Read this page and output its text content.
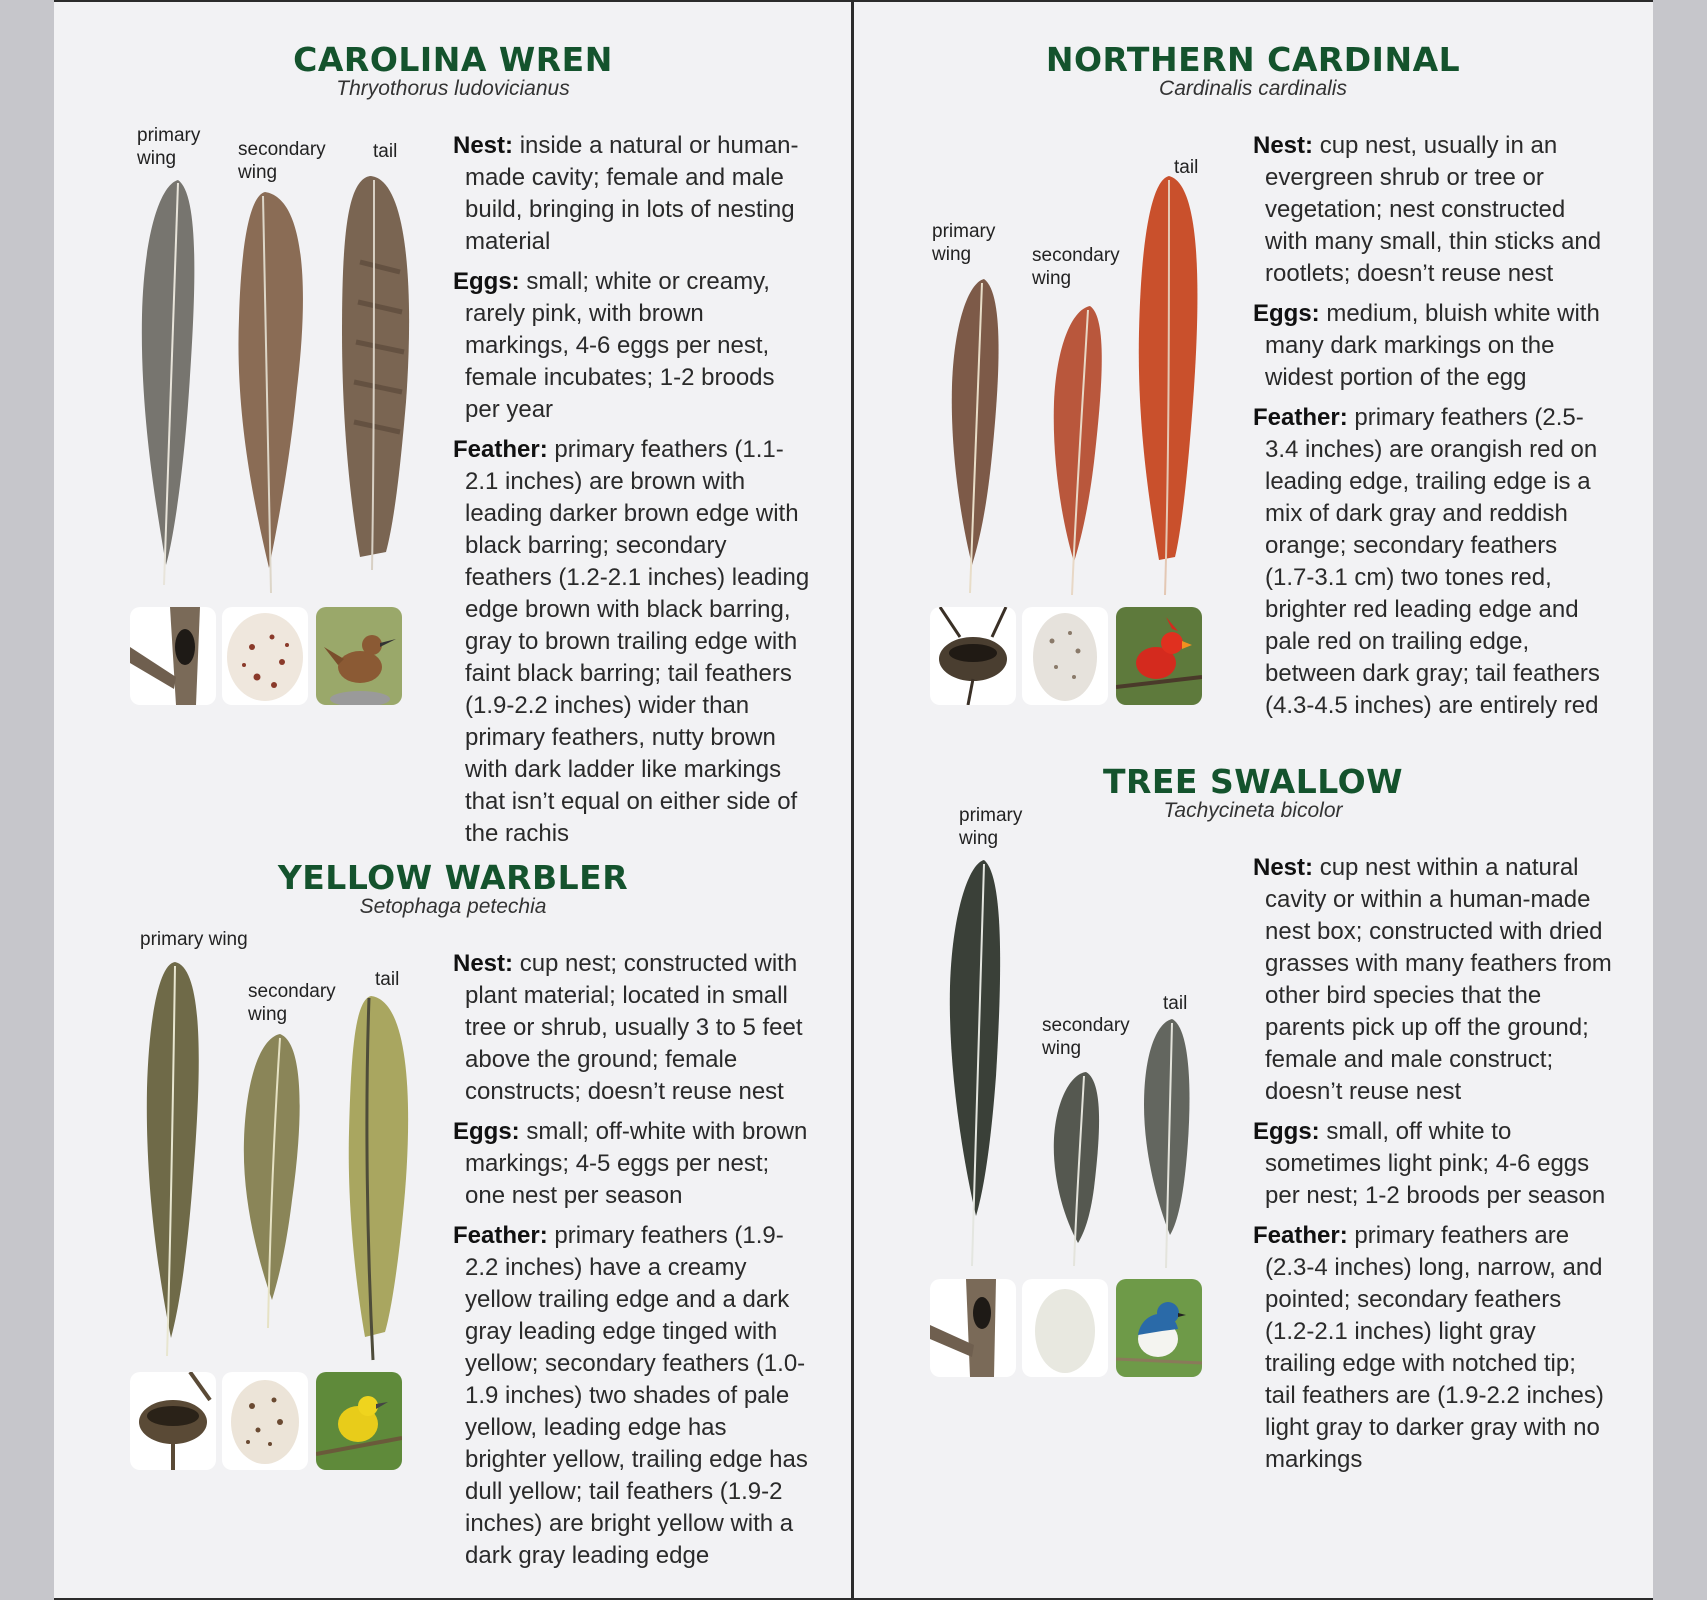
CAROLINA WREN
Thryothorus ludovicianus
primary
wing	secondary
wing
tail Nest: inside a natural or human-made cavity; female and male build, bringing in lots of nesting material

Eggs: small; white or creamy, rarely pink, with brown markings, 4-6 eggs per nest, female incubates; 1-2 broods per year

Feather: primary feathers (1.1-2.1 inches) are brown with leading darker brown edge with black barring; secondary feathers (1.2-2.1 inches) leading edge brown with black barring, gray to brown trailing edge with faint black barring; tail feathers (1.9-2.2 inches) wider than primary feathers, nutty brown with dark ladder like markings that isn’t equal on either side of the rachis

YELLOW WARBLER
Setophaga petechia
primary wing
secondary
wing
tail

Nest: cup nest; constructed with plant material; located in small tree or shrub, usually 3 to 5 feet above the ground; female constructs; doesn’t reuse nest

Eggs: small; off-white with brown markings; 4-5 eggs per nest; one nest per season

Feather: primary feathers (1.9-2.2 inches) have a creamy yellow trailing edge and a dark gray leading edge tinged with yellow; secondary feathers (1.0-1.9 inches) two shades of pale yellow, leading edge has brighter yellow, trailing edge has dull yellow; tail feathers (1.9-2 inches) are bright yellow with a dark gray leading edge

NORTHERN CARDINAL
Cardinalis cardinalis
primary
wing	secondary
wing
tail

Nest: cup nest, usually in an evergreen shrub or tree or vegetation; nest constructed with many small, thin sticks and rootlets; doesn’t reuse nest

Eggs: medium, bluish white with many dark markings on the widest portion of the egg

Feather: primary feathers (2.5-3.4 inches) are orangish red on leading edge, trailing edge is a mix of dark gray and reddish orange; secondary feathers (1.7-3.1 cm) two tones red, brighter red leading edge and pale red on trailing edge, between dark gray; tail feathers (4.3-4.5 inches) are entirely red

TREE SWALLOW
Tachycineta bicolor
primary
wing
secondary
wing
tail

Nest: cup nest within a natural cavity or within a human-made nest box; constructed with dried grasses with many feathers from other bird species that the parents pick up off the ground; female and male construct; doesn’t reuse nest

Eggs: small, off white to sometimes light pink; 4-6 eggs per nest; 1-2 broods per season

Feather: primary feathers are (2.3-4 inches) long, narrow, and pointed; secondary feathers (1.2-2.1 inches) light gray trailing edge with notched tip; tail feathers are (1.9-2.2 inches) light gray to darker gray with no markings
